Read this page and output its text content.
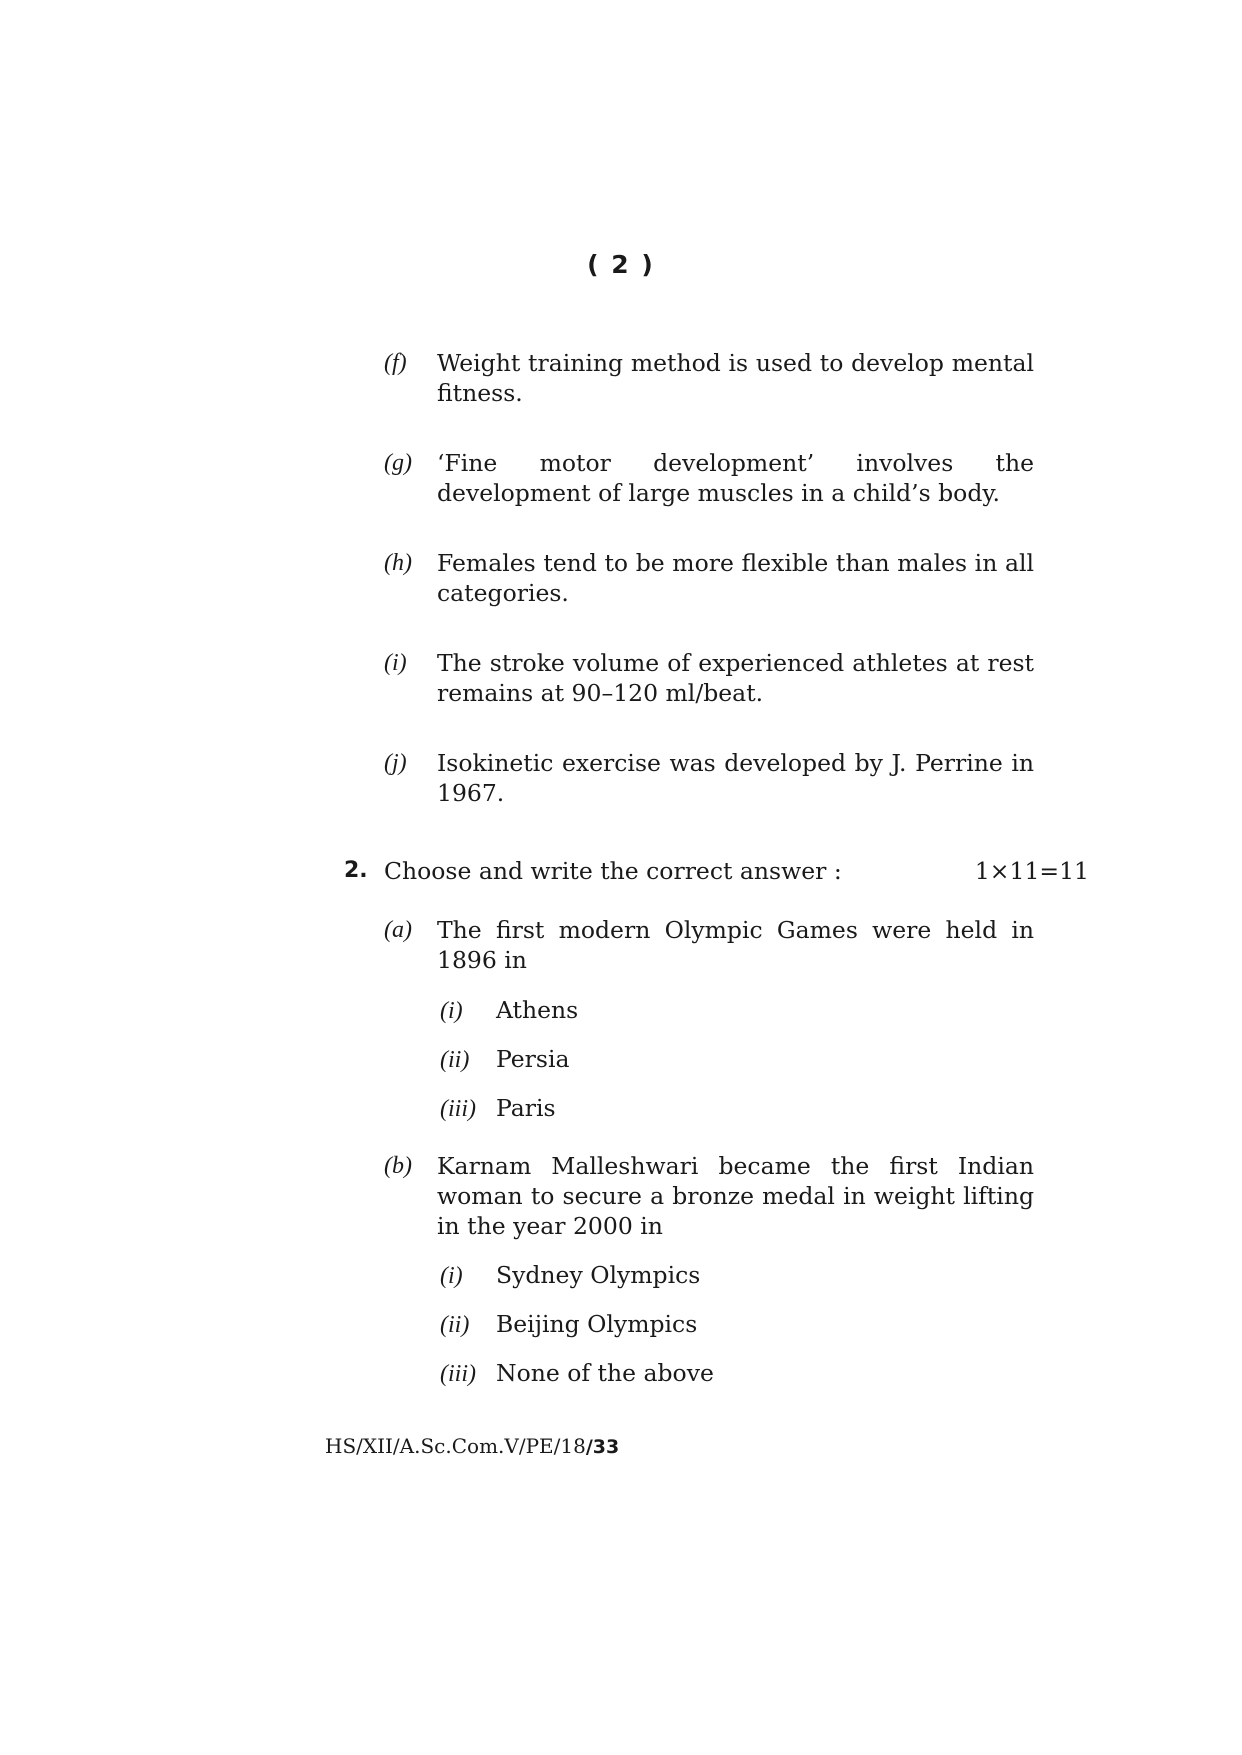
( 2 )
(f) Weight training method is used to develop mental fitness.
(g) ‘Fine motor development’ involves the development of large muscles in a child’s body.
(h) Females tend to be more flexible than males in all categories.
(i) The stroke volume of experienced athletes at rest remains at 90–120 ml/beat.
(j) Isokinetic exercise was developed by J. Perrine in 1967.
2. Choose and write the correct answer :	1×11=11
(a) The first modern Olympic Games were held in 1896 in
(i) Athens
(ii) Persia
(iii) Paris
(b) Karnam Malleshwari became the first Indian woman to secure a bronze medal in weight lifting in the year 2000 in
(i) Sydney Olympics
(ii) Beijing Olympics
(iii) None of the above
HS/XII/A.Sc.Com.V/PE/18/33
